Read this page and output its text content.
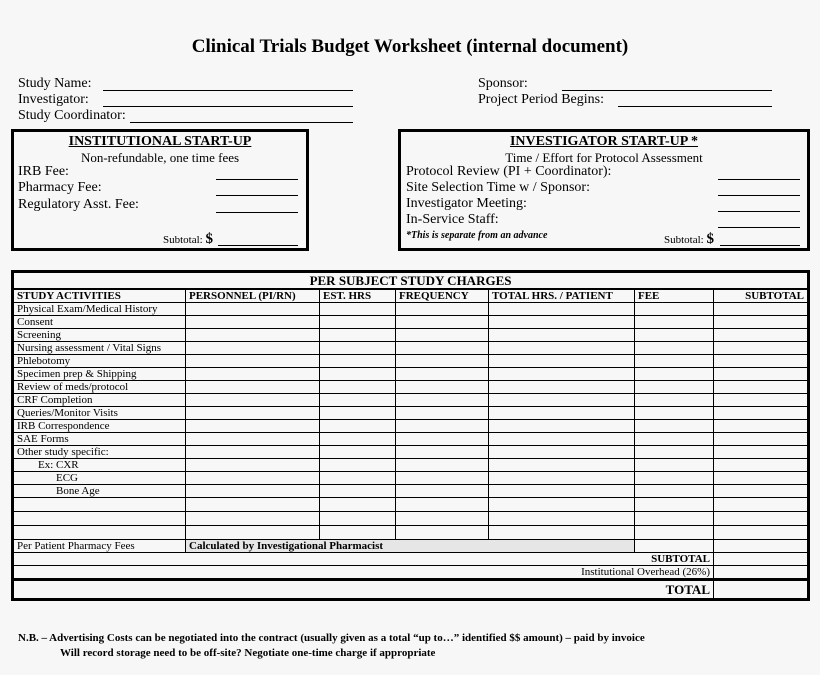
Clinical Trials Budget Worksheet (internal document)
Study Name:
Investigator:
Study Coordinator:
Sponsor:
Project Period Begins:
INSTITUTIONAL START-UP
Non-refundable, one time fees
IRB Fee:
Pharmacy Fee:
Regulatory Asst. Fee:
Subtotal: $
INVESTIGATOR START-UP *
Time / Effort for Protocol Assessment
Protocol Review (PI + Coordinator):
Site Selection Time w / Sponsor:
Investigator Meeting:
In-Service Staff:
*This is separate from an advance	Subtotal: $
PER SUBJECT STUDY CHARGES						
STUDY ACTIVITIES	PERSONNEL (PI/RN)	EST. HRS	FREQUENCY	TOTAL HRS. / PATIENT	FEE	SUBTOTAL
Physical Exam/Medical History						
Consent						
Screening						
Nursing assessment / Vital Signs						
Phlebotomy						
Specimen prep & Shipping						
Review of meds/protocol						
CRF Completion						
Queries/Monitor Visits						
IRB Correspondence						
SAE Forms						
Other study specific:						
Ex: CXR						
ECG						
Bone Age						

Per Patient Pharmacy Fees	Calculated by Investigational Pharmacist					
SUBTOTAL						
Institutional Overhead (26%)						
TOTAL						
N.B. – Advertising Costs can be negotiated into the contract (usually given as a total “up to…” identified $$ amount) – paid by invoice
Will record storage need to be off-site? Negotiate one-time charge if appropriate
